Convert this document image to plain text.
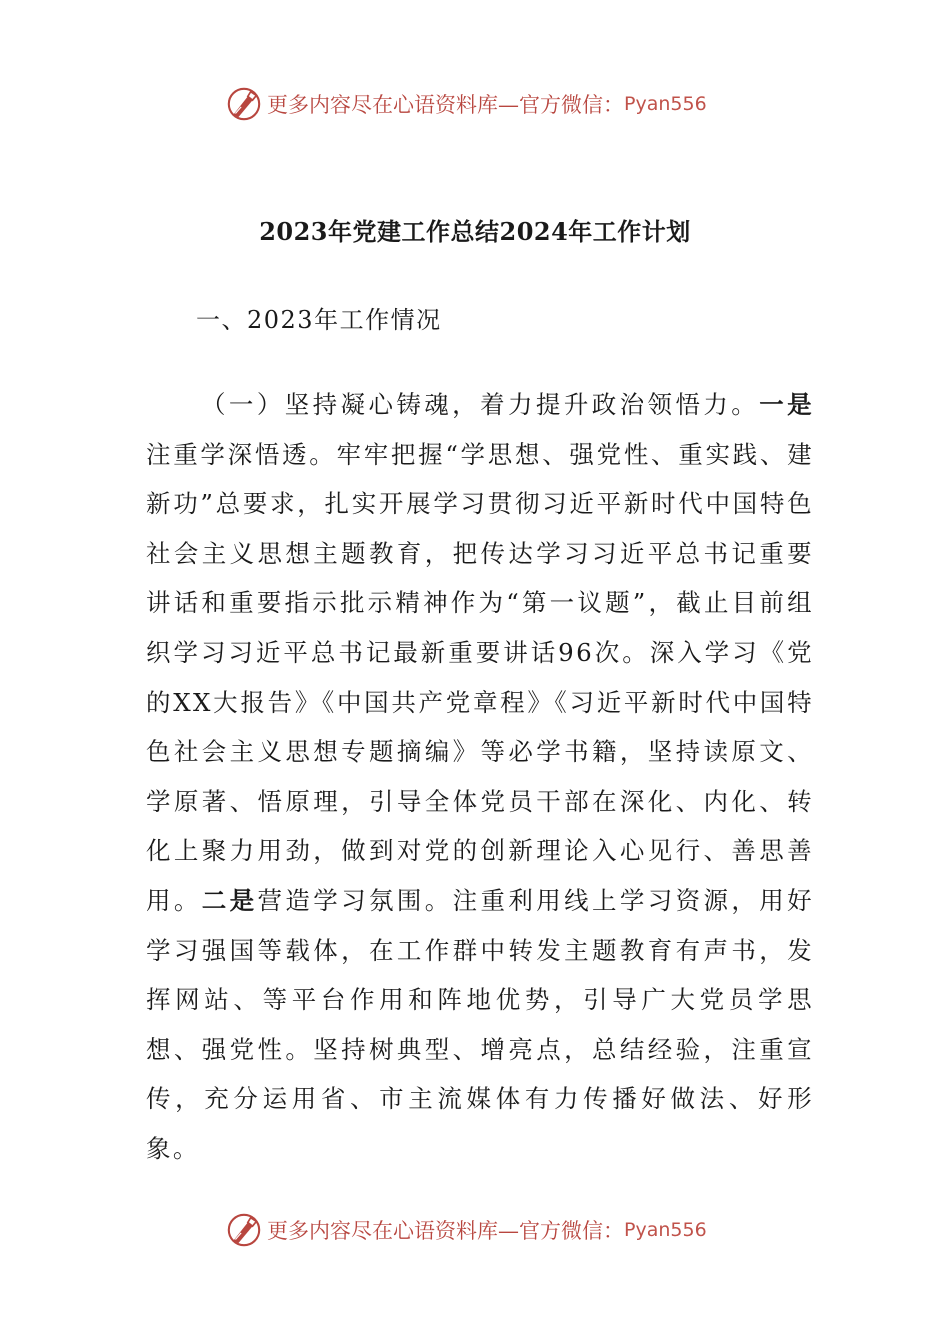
更多内容尽在心语资料库—官方微信： Pyan556
2023年党建工作总结2024年工作计划
一、2023年工作情况

（一）坚持凝心铸魂，着力提升政治领悟力。一是注重学深悟透。牢牢把握“学思想、强党性、重实践、建新功”总要求，扎实开展学习贯彻习近平新时代中国特色社会主义思想主题教育，把传达学习习近平总书记重要讲话和重要指示批示精神作为“第一议题”，截止目前组织学习习近平总书记最新重要讲话96次。深入学习《党的XX大报告》《中国共产党章程》《习近平新时代中国特色社会主义思想专题摘编》等必学书籍，坚持读原文、学原著、悟原理，引导全体党员干部在深化、内化、转化上聚力用劲，做到对党的创新理论入心见行、善思善用。二是营造学习氛围。注重利用线上学习资源，用好学习强国等载体，在工作群中转发主题教育有声书，发挥网站、等平台作用和阵地优势，引导广大党员学思想、强党性。坚持树典型、增亮点，总结经验，注重宣传，充分运用省、市主流媒体有力传播好做法、好形象。

更多内容尽在心语资料库—官方微信： Pyan556
